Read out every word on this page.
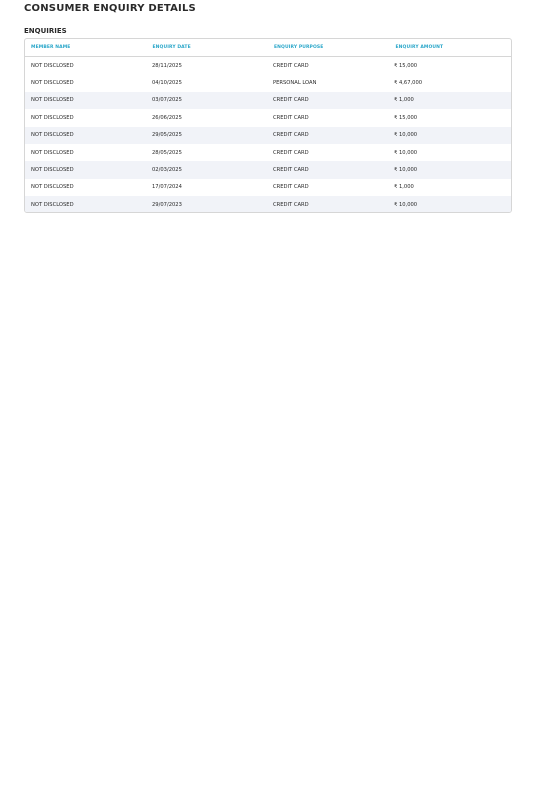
CONSUMER ENQUIRY DETAILS
ENQUIRIES
MEMBER NAME	ENQUIRY DATE	ENQUIRY PURPOSE	ENQUIRY AMOUNT
NOT DISCLOSED	28/11/2025	CREDIT CARD	₹ 15,000
NOT DISCLOSED	04/10/2025	PERSONAL LOAN	₹ 4,67,000
NOT DISCLOSED	03/07/2025	CREDIT CARD	₹ 1,000
NOT DISCLOSED	26/06/2025	CREDIT CARD	₹ 15,000
NOT DISCLOSED	29/05/2025	CREDIT CARD	₹ 10,000
NOT DISCLOSED	28/05/2025	CREDIT CARD	₹ 10,000
NOT DISCLOSED	02/03/2025	CREDIT CARD	₹ 10,000
NOT DISCLOSED	17/07/2024	CREDIT CARD	₹ 1,000
NOT DISCLOSED	29/07/2023	CREDIT CARD	₹ 10,000
